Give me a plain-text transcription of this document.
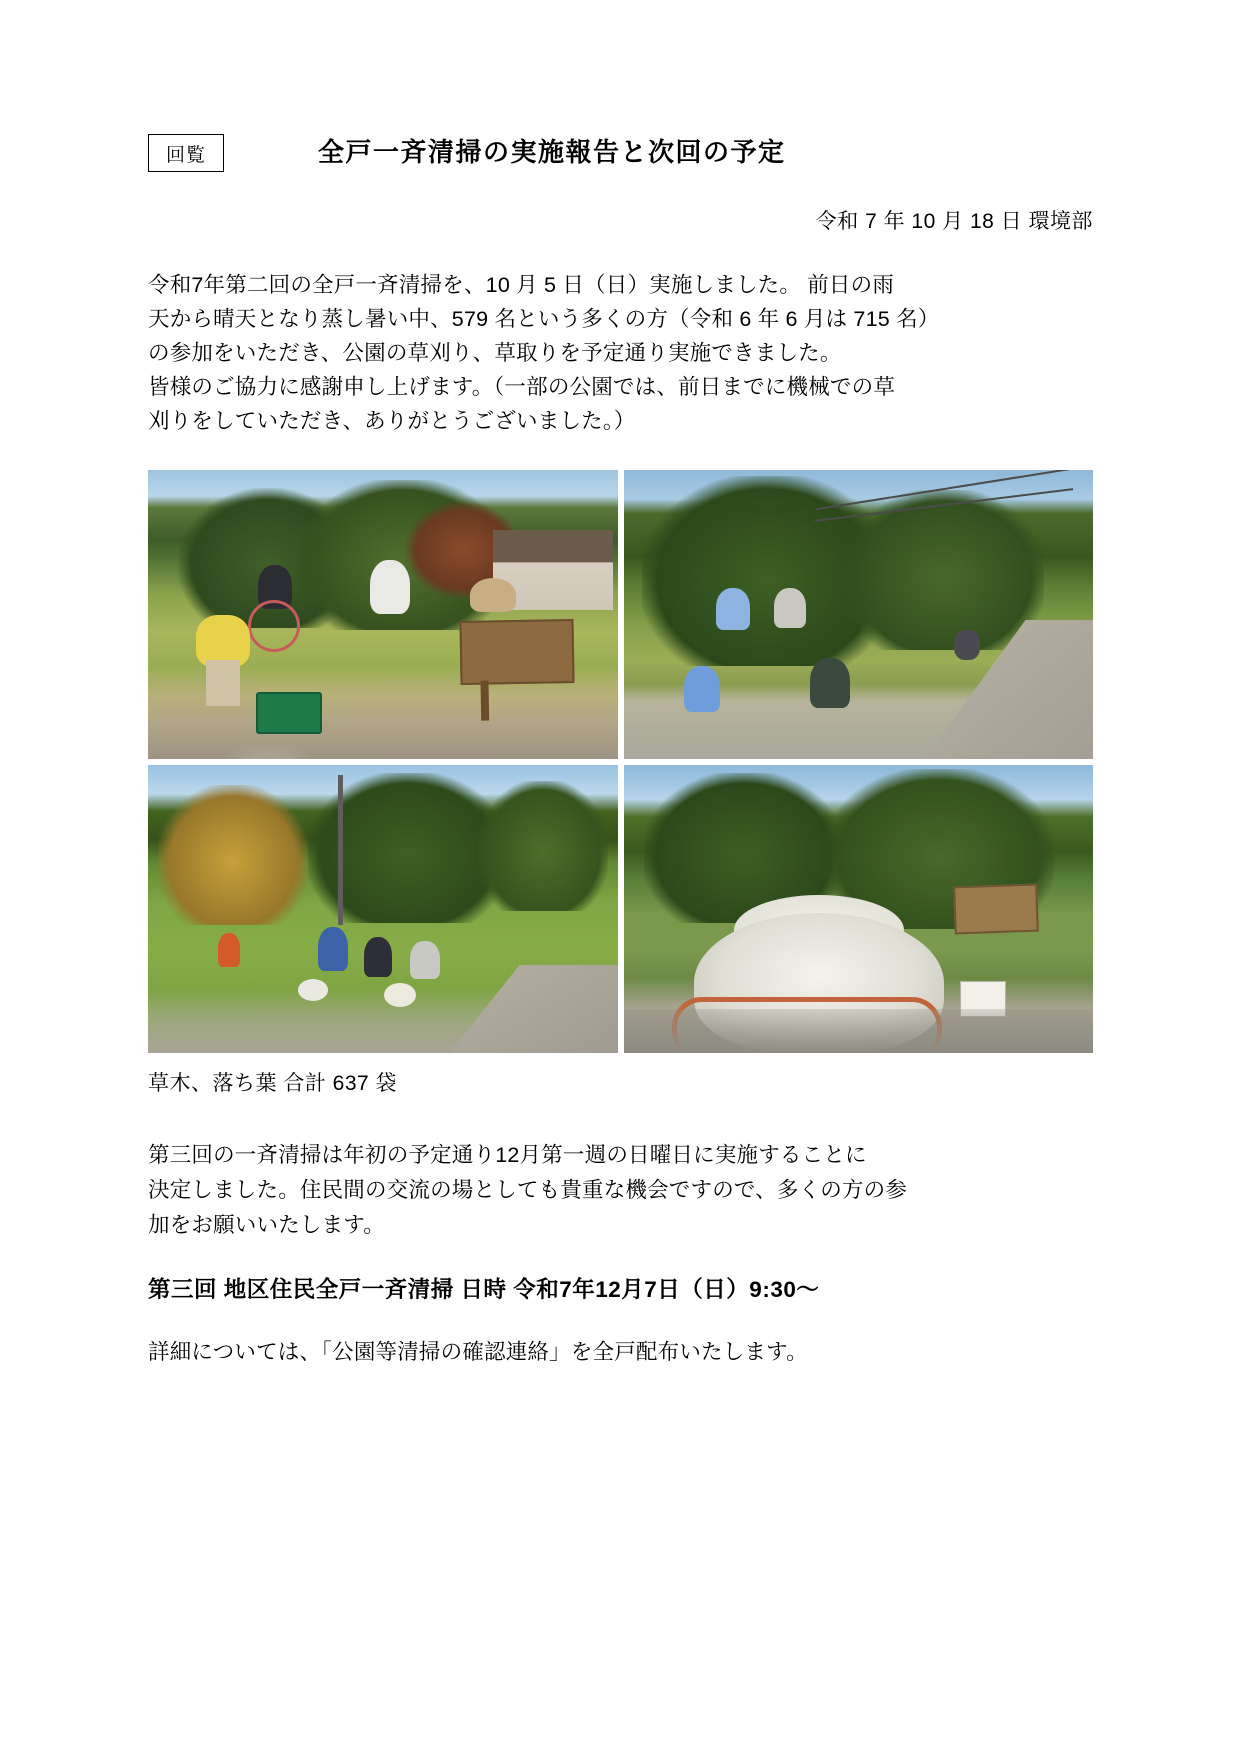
回覧	全戸一斉清掃の実施報告と次回の予定
令和 7 年 10 月 18 日 環境部
令和7年第二回の全戸一斉清掃を、10 月 5 日（日）実施しました。 前日の雨
天から晴天となり蒸し暑い中、579 名という多くの方（令和 6 年 6 月は 715 名）
の参加をいただき、公園の草刈り、草取りを予定通り実施できました。
皆様のご協力に感謝申し上げます。（一部の公園では、前日までに機械での草
刈りをしていただき、ありがとうございました。）
草木、落ち葉 合計 637 袋
第三回の一斉清掃は年初の予定通り12月第一週の日曜日に実施することに
決定しました。住民間の交流の場としても貴重な機会ですので、多くの方の参
加をお願いいたします。
第三回 地区住民全戸一斉清掃 日時 令和7年12月7日（日）9:30〜
詳細については、「公園等清掃の確認連絡」を全戸配布いたします。
